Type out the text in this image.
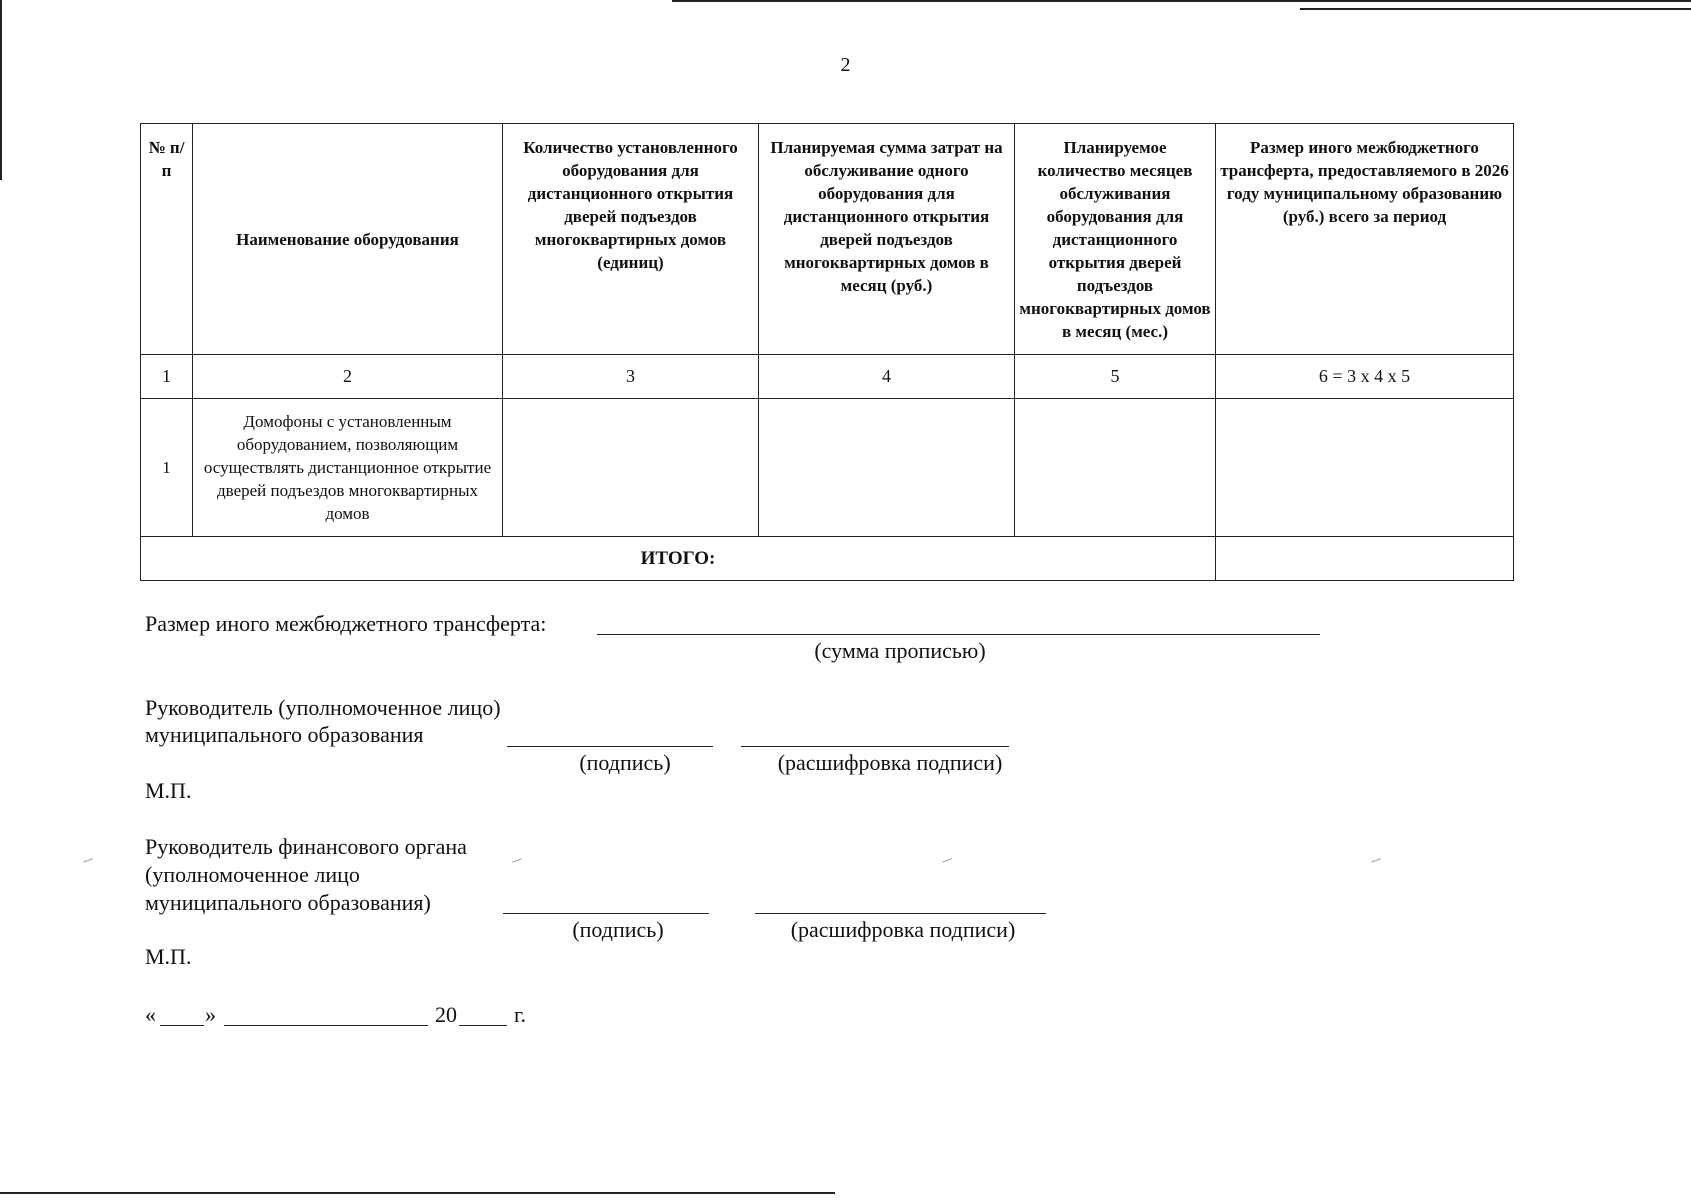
2
№ п/п	Наименование оборудования	Количество установленного оборудования для дистанционного открытия дверей подъездов многоквартирных домов (единиц)	Планируемая сумма затрат на обслуживание одного оборудования для дистанционного открытия дверей подъездов многоквартирных домов в месяц (руб.)	Планируемое количество месяцев обслуживания оборудования для дистанционного открытия дверей подъездов многоквартирных домов в месяц (мес.)	Размер иного межбюджетного трансферта, предоставляемого в 2026 году муниципальному образованию (руб.) всего за период
1	2	3	4	5	6 = 3 х 4 х 5
1	Домофоны с установленным оборудованием, позволяющим осуществлять дистанционное открытие дверей подъездов многоквартирных домов				
ИТОГО:					
Размер иного межбюджетного трансферта:
(сумма прописью)
Руководитель (уполномоченное лицо)
муниципального образования
(подпись)	(расшифровка подписи)
М.П.
Руководитель финансового органа
(уполномоченное лицо
муниципального образования)
(подпись)	(расшифровка подписи)
М.П.
« »	20	г.
